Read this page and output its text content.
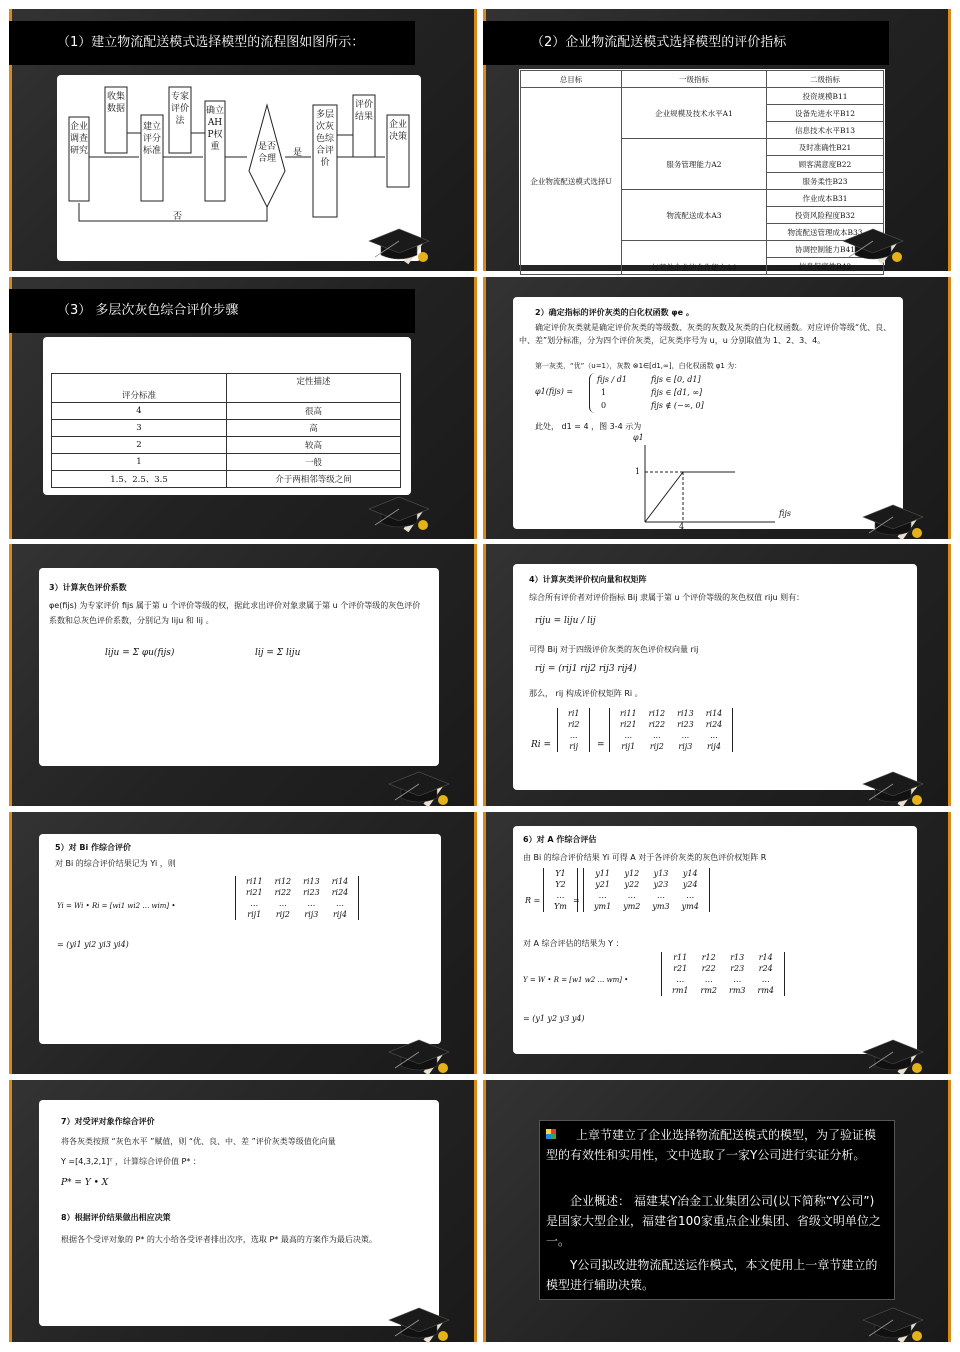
（1）建立物流配送模式选择模型的流程图如图所示：
企业调查研究
收集数据
建立评分标准
专家评价法
确立AHP权重	是否合理
多层次灰色综合评价
评价结果
企业决策
是
否
（2）企业物流配送模式选择模型的评价指标
总目标	一级指标	二级指标
企业物流配送模式选择U	企业规模及技术水平A1	投资规模B11
		设备先进水平B12
		信息技术水平B13
	服务管理能力A2	及时准确性B21
		顾客满意度B22
		服务柔性B23
	物流配送成本A3	作业成本B31
		投资风险程度B32
		物流配送管理成本B33
	与其他企业的合作能力A4	协调控制能力B41
		信息保密性B42
（3） 多层次灰色综合评价步骤
评分标准	定性描述
4	很高
3	高
2	较高
1	一般
1.5、2.5、3.5	介于两相邻等级之间
2）确定指标的评价灰类的白化权函数 φe 。
确定评价灰类就是确定评价灰类的等级数、灰类的灰数及灰类的白化权函数。对应评价等级“优、良、中、差”划分标准，分为四个评价灰类，记灰类序号为 u，u 分别取值为 1、2、3、4。
第一灰类，“优”（u=1），灰数 ⊗1∈[d1,∞]，白化权函数 φ1 为：
φ1(fijs) =
fijs / d1	fijs ∈ [0, d1]
1	fijs ∈ [d1, ∞]
0	fijs ∉ (−∞, 0]
此处， d1 = 4 ，图 3-4 示为
φ1
1
4
fijs
3）计算灰色评价系数
φe(fijs) 为专家评价 fijs 属于第 u 个评价等级的权，据此求出评价对象隶属于第 u 个评价等级的灰色评价系数和总灰色评价系数，分别记为 liju 和 lij 。
liju = Σ φu(fijs)	lij = Σ liju
4）计算灰类评价权向量和权矩阵
综合所有评价者对评价指标 Bij 隶属于第 u 个评价等级的灰色权值 riju 则有：
riju = liju / lij
可得 Bij 对于四级评价灰类的灰色评价权向量 rij
rij = (rij1 rij2 rij3 rij4)
那么， rij 构成评价权矩阵 Ri 。
Ri =
ri1
ri2
...
rij =
ri11	ri12	ri13	ri14
ri21	ri22	ri23	ri24
...	...	...	...
rij1	rij2	rij3	rij4
5）对 Bi 作综合评价
对 Bi 的综合评价结果记为 Yi ，则
Yi = Wi • Ri = [wi1 wi2 … wim] •
ri11	ri12	ri13	ri14
ri21	ri22	ri23	ri24
…	…	…	…
rij1	rij2	rij3	rij4
= (yi1 yi2 yi3 yi4)
6）对 A 作综合评估
由 Bi 的综合评价结果 Yi 可得 A 对于各评价灰类的灰色评价权矩阵 R
R =
Y1
Y2
…
Ym
=
y11	y12	y13	y14
y21	y22	y23	y24
…	…	…	…
ym1	ym2	ym3	ym4
对 A 综合评估的结果为 Y ：
Y = W • R = [w1 w2 … wm] •
r11	r12	r13	r14
r21	r22	r23	r24
…	…	…	…
rm1	rm2	rm3	rm4
= (y1 y2 y3 y4)
7）对受评对象作综合评价
将各灰类按照 “灰色水平 ”赋值，则 “优、良、中、差 ”评价灰类等级值化向量
Y =[4,3,2,1]ᵀ ，计算综合评价值 P* ：
P* = Y • X
8）根据评价结果做出相应决策
根据各个受评对象的 P* 的大小给各受评者排出次序，选取 P* 最高的方案作为最后决策。
上章节建立了企业选择物流配送模式的模型，为了验证模型的有效性和实用性，文中选取了一家Y公司进行实证分析。
企业概述： 福建某Y冶金工业集团公司(以下简称“Y公司”)是国家大型企业，福建省100家重点企业集团、省级文明单位之一。
Y公司拟改进物流配送运作模式，本文使用上一章节建立的模型进行辅助决策。
